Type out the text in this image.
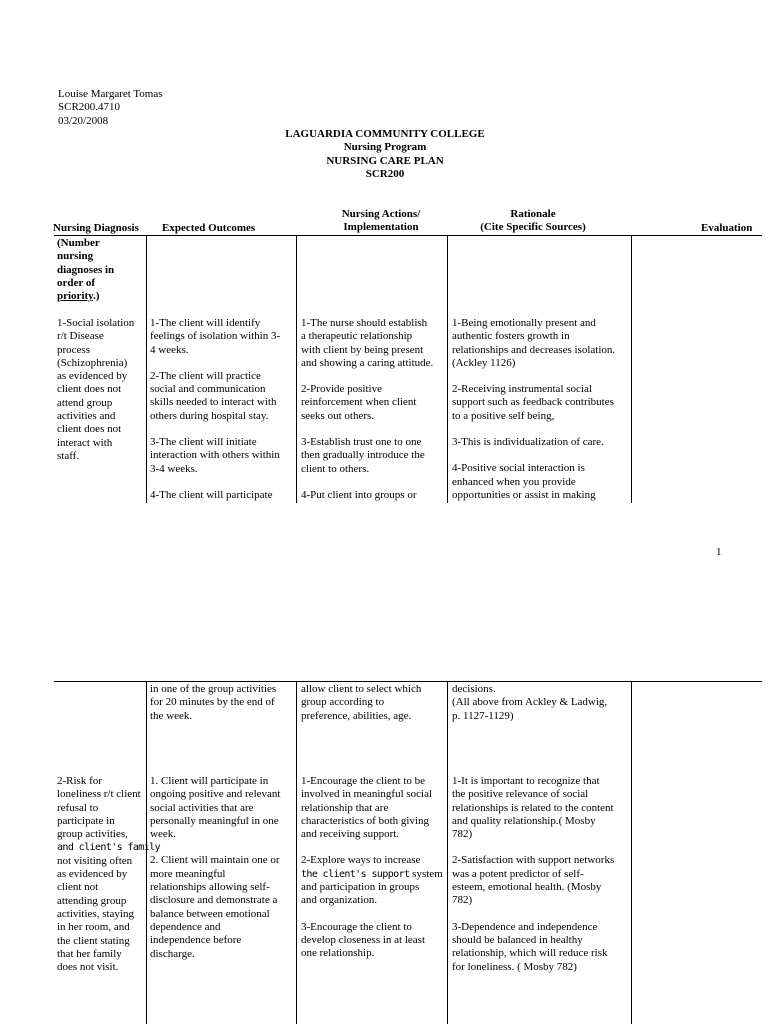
Louise Margaret Tomas
SCR200.4710
03/20/2008
LAGUARDIA COMMUNITY COLLEGE
Nursing Program
NURSING CARE PLAN
SCR200
Nursing Diagnosis Expected Outcomes
Nursing Actions/
Implementation
Rationale
(Cite Specific Sources)	Evaluation
(Number
nursing
diagnoses in
order of
priority.)
1-Social isolation
r/t Disease
process
(Schizophrenia)
as evidenced by
client does not
attend group
activities and
client does not
interact with
staff.
1-The client will identify
feelings of isolation within 3-
4 weeks.
2-The client will practice
social and communication
skills needed to interact with
others during hospital stay.
3-The client will initiate
interaction with others within
3-4 weeks.
4-The client will participate
1-The nurse should establish
a therapeutic relationship
with client by being present
and showing a caring attitude.
2-Provide positive
reinforcement when client
seeks out others.
3-Establish trust one to one
then gradually introduce the
client to others.
4-Put client into groups or
1-Being emotionally present and
authentic fosters growth in
relationships and decreases isolation.
(Ackley 1126)
2-Receiving instrumental social
support such as feedback contributes
to a positive self being,
3-This is individualization of care.
4-Positive social interaction is
enhanced when you provide
opportunities or assist in making
1
in one of the group activities
for 20 minutes by the end of
the week.
allow client to select which
group according to
preference, abilities, age.
decisions.
(All above from Ackley & Ladwig,
p. 1127-1129)
2-Risk for
loneliness r/t client
refusal to
participate in
group activities,
and client's family
not visiting often
as evidenced by
client not
attending group
activities, staying
in her room, and
the client stating
that her family
does not visit.
1. Client will participate in
ongoing positive and relevant
social activities that are
personally meaningful in one
week.
2. Client will maintain one or
more meaningful
relationships allowing self-
disclosure and demonstrate a
balance between emotional
dependence and
independence before
discharge.
1-Encourage the client to be
involved in meaningful social
relationship that are
characteristics of both giving
and receiving support.
2-Explore ways to increase
the client's support system
and participation in groups
and organization.
3-Encourage the client to
develop closeness in at least
one relationship.
1-It is important to recognize that
the positive relevance of social
relationships is related to the content
and quality relationship.( Mosby
782)
2-Satisfaction with support networks
was a potent predictor of self-
esteem, emotional health. (Mosby
782)
3-Dependence and independence
should be balanced in healthy
relationship, which will reduce risk
for loneliness. ( Mosby 782)
